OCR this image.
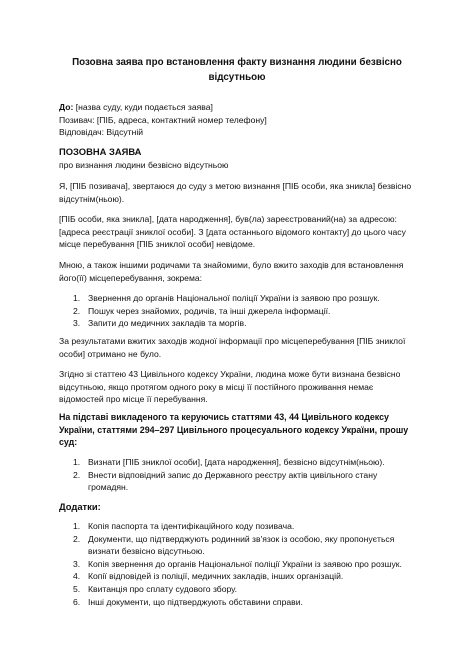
Позовна заява про встановлення факту визнання людини безвісно відсутньою

До: [назва суду, куди подається заява]

Позивач: [ПІБ, адреса, контактний номер телефону]

Відповідач: Відсутній

ПОЗОВНА ЗАЯВА

про визнання людини безвісно відсутньою

Я, [ПІБ позивача], звертаюся до суду з метою визнання [ПІБ особи, яка зникла] безвісно відсутнім(ньою).

[ПІБ особи, яка зникла], [дата народження], був(ла) зареєстрований(на) за адресою: [адреса реєстрації зниклої особи]. З [дата останнього відомого контакту] до цього часу місце перебування [ПІБ зниклої особи] невідоме.

Мною, а також іншими родичами та знайомими, було вжито заходів для встановлення його(її) місцеперебування, зокрема:

1. Звернення до органів Національної поліції України із заявою про розшук.
2. Пошук через знайомих, родичів, та інші джерела інформації.
3. Запити до медичних закладів та моргів.

За результатами вжитих заходів жодної інформації про місцеперебування [ПІБ зниклої особи] отримано не було.

Згідно зі статтею 43 Цивільного кодексу України, людина може бути визнана безвісно відсутньою, якщо протягом одного року в місці її постійного проживання немає відомостей про місце її перебування.

На підставі викладеного та керуючись статтями 43, 44 Цивільного кодексу України, статтями 294–297 Цивільного процесуального кодексу України, прошу суд:

1. Визнати [ПІБ зниклої особи], [дата народження], безвісно відсутнім(ньою).
2. Внести відповідний запис до Державного реєстру актів цивільного стану громадян.

Додатки:

1. Копія паспорта та ідентифікаційного коду позивача.
2. Документи, що підтверджують родинний зв'язок із особою, яку пропонується визнати безвісно відсутньою.
3. Копія звернення до органів Національної поліції України із заявою про розшук.
4. Копії відповідей із поліції, медичних закладів, інших організацій.
5. Квитанція про сплату судового збору.
6. Інші документи, що підтверджують обставини справи.
